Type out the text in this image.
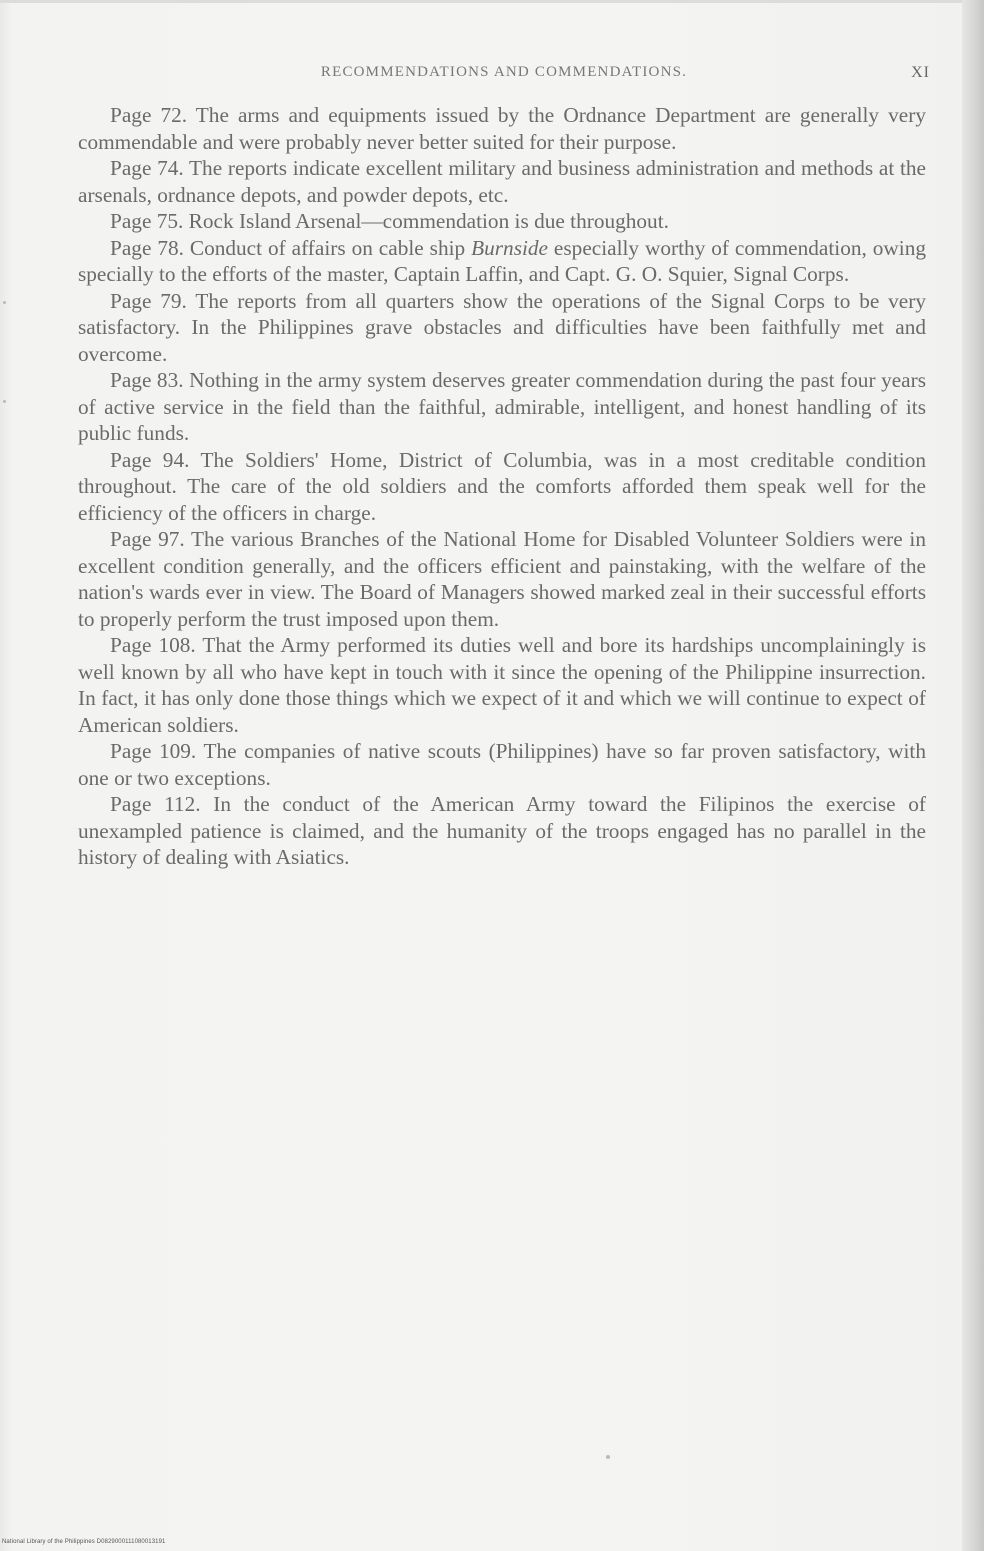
RECOMMENDATIONS AND COMMENDATIONS.	XI

Page 72. The arms and equipments issued by the Ordnance Department are generally very commendable and were probably never better suited for their purpose.

Page 74. The reports indicate excellent military and business administration and methods at the arsenals, ordnance depots, and powder depots, etc.

Page 75. Rock Island Arsenal—commendation is due throughout.

Page 78. Conduct of affairs on cable ship Burnside especially worthy of commendation, owing specially to the efforts of the master, Captain Laffin, and Capt. G. O. Squier, Signal Corps.

Page 79. The reports from all quarters show the operations of the Signal Corps to be very satisfactory. In the Philippines grave obstacles and difficulties have been faithfully met and overcome.

Page 83. Nothing in the army system deserves greater commendation during the past four years of active service in the field than the faithful, admirable, intelligent, and honest handling of its public funds.

Page 94. The Soldiers' Home, District of Columbia, was in a most creditable condition throughout. The care of the old soldiers and the comforts afforded them speak well for the efficiency of the officers in charge.

Page 97. The various Branches of the National Home for Disabled Volunteer Soldiers were in excellent condition generally, and the officers efficient and painstaking, with the welfare of the nation's wards ever in view. The Board of Managers showed marked zeal in their successful efforts to properly perform the trust imposed upon them.

Page 108. That the Army performed its duties well and bore its hardships uncomplainingly is well known by all who have kept in touch with it since the opening of the Philippine insurrection. In fact, it has only done those things which we expect of it and which we will continue to expect of American soldiers.

Page 109. The companies of native scouts (Philippines) have so far proven satisfactory, with one or two exceptions.

Page 112. In the conduct of the American Army toward the Filipinos the exercise of unexampled patience is claimed, and the humanity of the troops engaged has no parallel in the history of dealing with Asiatics.

National Library of the Philippines D0829000111080013191
